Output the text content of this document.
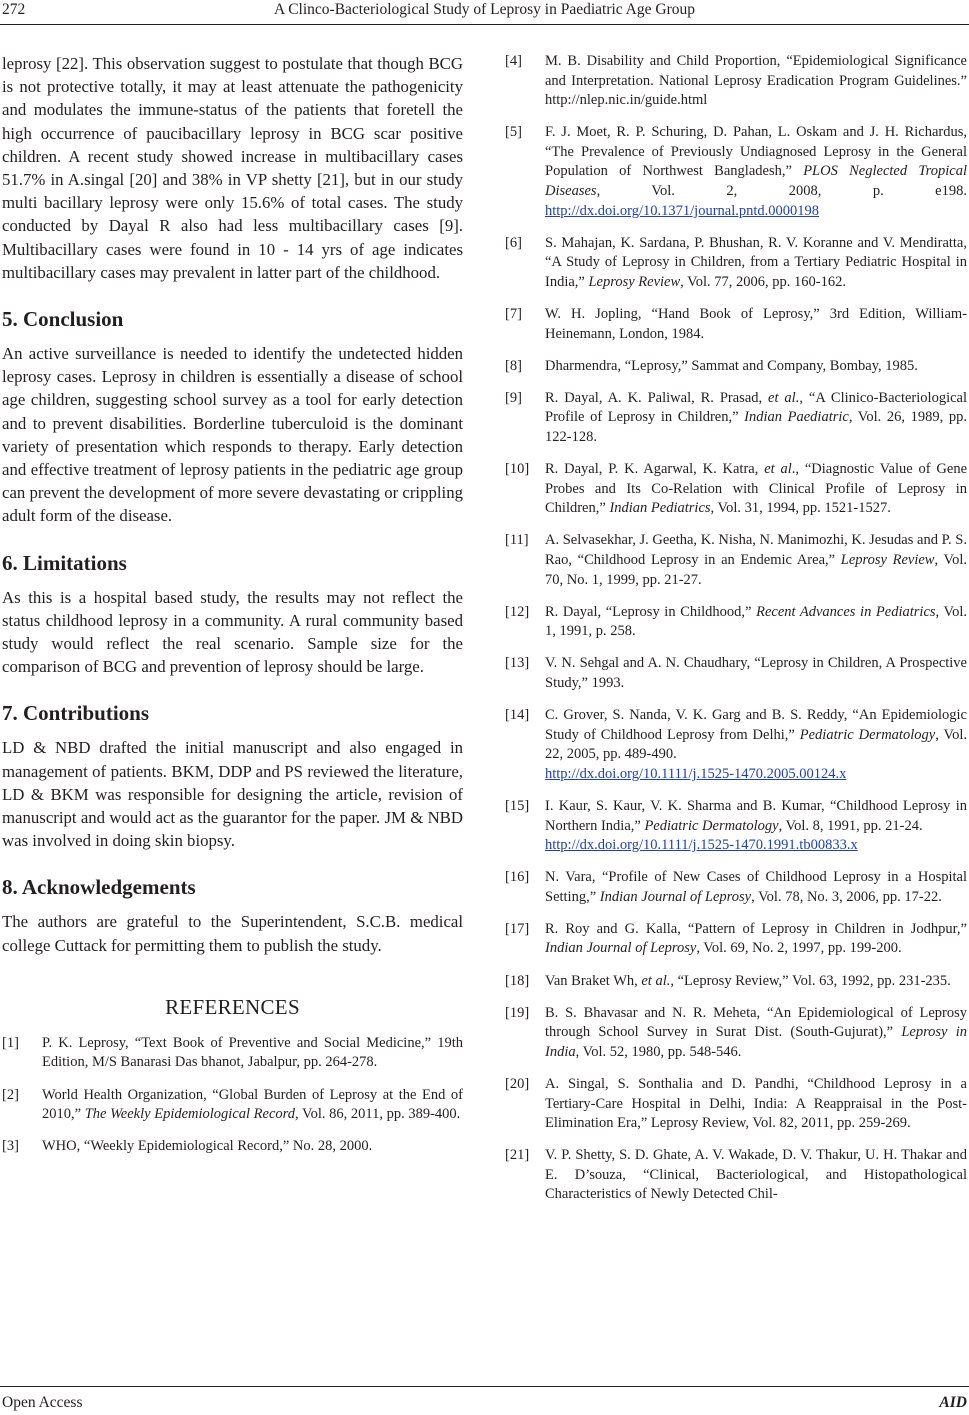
272	A Clinco-Bacteriological Study of Leprosy in Paediatric Age Group

leprosy [22]. This observation suggest to postulate that though BCG is not protective totally, it may at least attenuate the pathogenicity and modulates the immune-status of the patients that foretell the high occurrence of paucibacillary leprosy in BCG scar positive children. A recent study showed increase in multibacillary cases 51.7% in A.singal [20] and 38% in VP shetty [21], but in our study multi bacillary leprosy were only 15.6% of total cases. The study conducted by Dayal R also had less multibacillary cases [9]. Multibacillary cases were found in 10 - 14 yrs of age indicates multibacillary cases may prevalent in latter part of the childhood.

5. Conclusion

An active surveillance is needed to identify the undetected hidden leprosy cases. Leprosy in children is essentially a disease of school age children, suggesting school survey as a tool for early detection and to prevent disabilities. Borderline tuberculoid is the dominant variety of presentation which responds to therapy. Early detection and effective treatment of leprosy patients in the pediatric age group can prevent the development of more severe devastating or crippling adult form of the disease.

6. Limitations

As this is a hospital based study, the results may not reflect the status childhood leprosy in a community. A rural community based study would reflect the real scenario. Sample size for the comparison of BCG and prevention of leprosy should be large.

7. Contributions

LD & NBD drafted the initial manuscript and also engaged in management of patients. BKM, DDP and PS reviewed the literature, LD & BKM was responsible for designing the article, revision of manuscript and would act as the guarantor for the paper. JM & NBD was involved in doing skin biopsy.

8. Acknowledgements

The authors are grateful to the Superintendent, S.C.B. medical college Cuttack for permitting them to publish the study.

REFERENCES
[1]	P. K. Leprosy, “Text Book of Preventive and Social Medicine,” 19th Edition, M/S Banarasi Das bhanot, Jabalpur, pp. 264-278.
[2]	World Health Organization, “Global Burden of Leprosy at the End of 2010,” The Weekly Epidemiological Record, Vol. 86, 2011, pp. 389-400.
[3]	WHO, “Weekly Epidemiological Record,” No. 28, 2000.
[4]	M. B. Disability and Child Proportion, “Epidemiological Significance and Interpretation. National Leprosy Eradication Program Guidelines.” http://nlep.nic.in/guide.html
[5]	F. J. Moet, R. P. Schuring, D. Pahan, L. Oskam and J. H. Richardus, “The Prevalence of Previously Undiagnosed Leprosy in the General Population of Northwest Bangladesh,” PLOS Neglected Tropical Diseases, Vol. 2, 2008, p. e198. http://dx.doi.org/10.1371/journal.pntd.0000198
[6]	S. Mahajan, K. Sardana, P. Bhushan, R. V. Koranne and V. Mendiratta, “A Study of Leprosy in Children, from a Tertiary Pediatric Hospital in India,” Leprosy Review, Vol. 77, 2006, pp. 160-162.
[7]	W. H. Jopling, “Hand Book of Leprosy,” 3rd Edition, William-Heinemann, London, 1984.
[8]	Dharmendra, “Leprosy,” Sammat and Company, Bombay, 1985.
[9]	R. Dayal, A. K. Paliwal, R. Prasad, et al., “A Clinico-Bacteriological Profile of Leprosy in Children,” Indian Paediatric, Vol. 26, 1989, pp. 122-128.
[10]	R. Dayal, P. K. Agarwal, K. Katra, et al., “Diagnostic Value of Gene Probes and Its Co-Relation with Clinical Profile of Leprosy in Children,” Indian Pediatrics, Vol. 31, 1994, pp. 1521-1527.
[11]	A. Selvasekhar, J. Geetha, K. Nisha, N. Manimozhi, K. Jesudas and P. S. Rao, “Childhood Leprosy in an Endemic Area,” Leprosy Review, Vol. 70, No. 1, 1999, pp. 21-27.
[12]	R. Dayal, “Leprosy in Childhood,” Recent Advances in Pediatrics, Vol. 1, 1991, p. 258.
[13]	V. N. Sehgal and A. N. Chaudhary, “Leprosy in Children, A Prospective Study,” 1993.
[14]	C. Grover, S. Nanda, V. K. Garg and B. S. Reddy, “An Epidemiologic Study of Childhood Leprosy from Delhi,” Pediatric Dermatology, Vol. 22, 2005, pp. 489-490.
http://dx.doi.org/10.1111/j.1525-1470.2005.00124.x
[15]	I. Kaur, S. Kaur, V. K. Sharma and B. Kumar, “Childhood Leprosy in Northern India,” Pediatric Dermatology, Vol. 8, 1991, pp. 21-24.
http://dx.doi.org/10.1111/j.1525-1470.1991.tb00833.x
[16]	N. Vara, “Profile of New Cases of Childhood Leprosy in a Hospital Setting,” Indian Journal of Leprosy, Vol. 78, No. 3, 2006, pp. 17-22.
[17]	R. Roy and G. Kalla, “Pattern of Leprosy in Children in Jodhpur,” Indian Journal of Leprosy, Vol. 69, No. 2, 1997, pp. 199-200.
[18]	Van Braket Wh, et al., “Leprosy Review,” Vol. 63, 1992, pp. 231-235.
[19]	B. S. Bhavasar and N. R. Meheta, “An Epidemiological of Leprosy through School Survey in Surat Dist. (South-Gujurat),” Leprosy in India, Vol. 52, 1980, pp. 548-546.
[20]	A. Singal, S. Sonthalia and D. Pandhi, “Childhood Leprosy in a Tertiary-Care Hospital in Delhi, India: A Reappraisal in the Post-Elimination Era,” Leprosy Review, Vol. 82, 2011, pp. 259-269.
[21]	V. P. Shetty, S. D. Ghate, A. V. Wakade, D. V. Thakur, U. H. Thakar and E. D’souza, “Clinical, Bacteriological, and Histopathological Characteristics of Newly Detected Chil-
Open Access	AID
